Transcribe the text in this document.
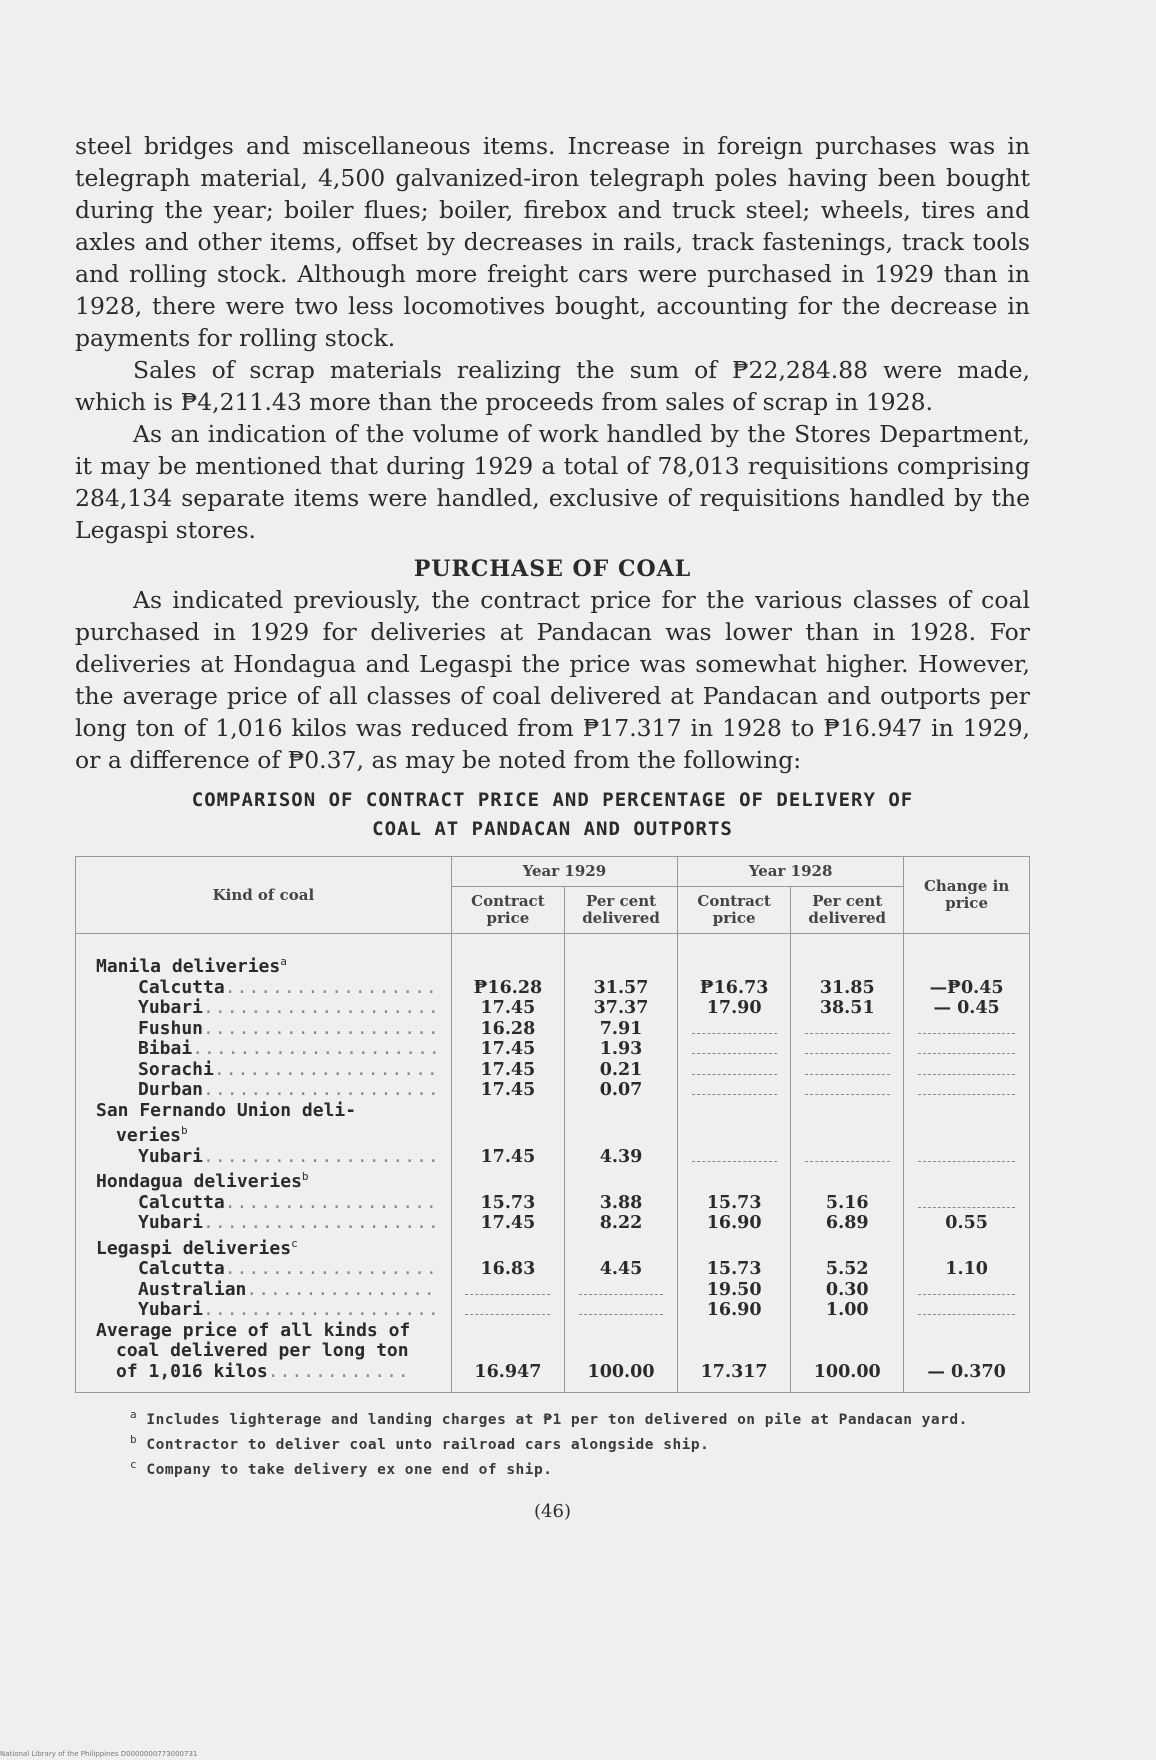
steel bridges and miscellaneous items. Increase in foreign purchases was in telegraph material, 4,500 galvanized-iron telegraph poles having been bought during the year; boiler flues; boiler, firebox and truck steel; wheels, tires and axles and other items, offset by decreases in rails, track fastenings, track tools and rolling stock. Although more freight cars were purchased in 1929 than in 1928, there were two less locomotives bought, accounting for the decrease in payments for rolling stock.

Sales of scrap materials realizing the sum of ₱22,284.88 were made, which is ₱4,211.43 more than the proceeds from sales of scrap in 1928.

As an indication of the volume of work handled by the Stores Department, it may be mentioned that during 1929 a total of 78,013 requisitions comprising 284,134 separate items were handled, exclusive of requisitions handled by the Legaspi stores.

PURCHASE OF COAL

As indicated previously, the contract price for the various classes of coal purchased in 1929 for deliveries at Pandacan was lower than in 1928. For deliveries at Hondagua and Legaspi the price was somewhat higher. However, the average price of all classes of coal delivered at Pandacan and outports per long ton of 1,016 kilos was reduced from ₱17.317 in 1928 to ₱16.947 in 1929, or a difference of ₱0.37, as may be noted from the following:

COMPARISON OF CONTRACT PRICE AND PERCENTAGE OF DELIVERY OF
COAL AT PANDACAN AND OUTPORTS
Kind of coal	Year 1929		Year 1928		Change in price
	Contract price	Per cent delivered	Contract price	Per cent delivered	
Manila deliveries$^a$					
Calcutta..................	₱16.28	31.57	₱16.73	31.85	—₱0.45
Yubari....................	17.45	37.37	17.90	38.51	— 0.45
Fushun....................	16.28	7.91			
Bibai.....................	17.45	1.93			
Sorachi...................	17.45	0.21			
Durban....................	17.45	0.07			
San Fernando Union deli-					
veries$^b$					
Yubari....................	17.45	4.39			
Hondagua deliveries$^b$					
Calcutta..................	15.73	3.88	15.73	5.16	
Yubari....................	17.45	8.22	16.90	6.89	0.55
Legaspi deliveries$^c$					
Calcutta..................	16.83	4.45	15.73	5.52	1.10
Australian................			19.50	0.30	
Yubari....................			16.90	1.00	
Average price of all kinds of					
coal delivered per long ton					
of 1,016 kilos............	16.947	100.00	17.317	100.00	— 0.370
$^a$ Includes lighterage and landing charges at ₱1 per ton delivered on pile at Pandacan yard.
$^b$ Contractor to deliver coal unto railroad cars alongside ship.
$^c$ Company to take delivery ex one end of ship.
(46)
National Library of the Philippines D0000000773000731
